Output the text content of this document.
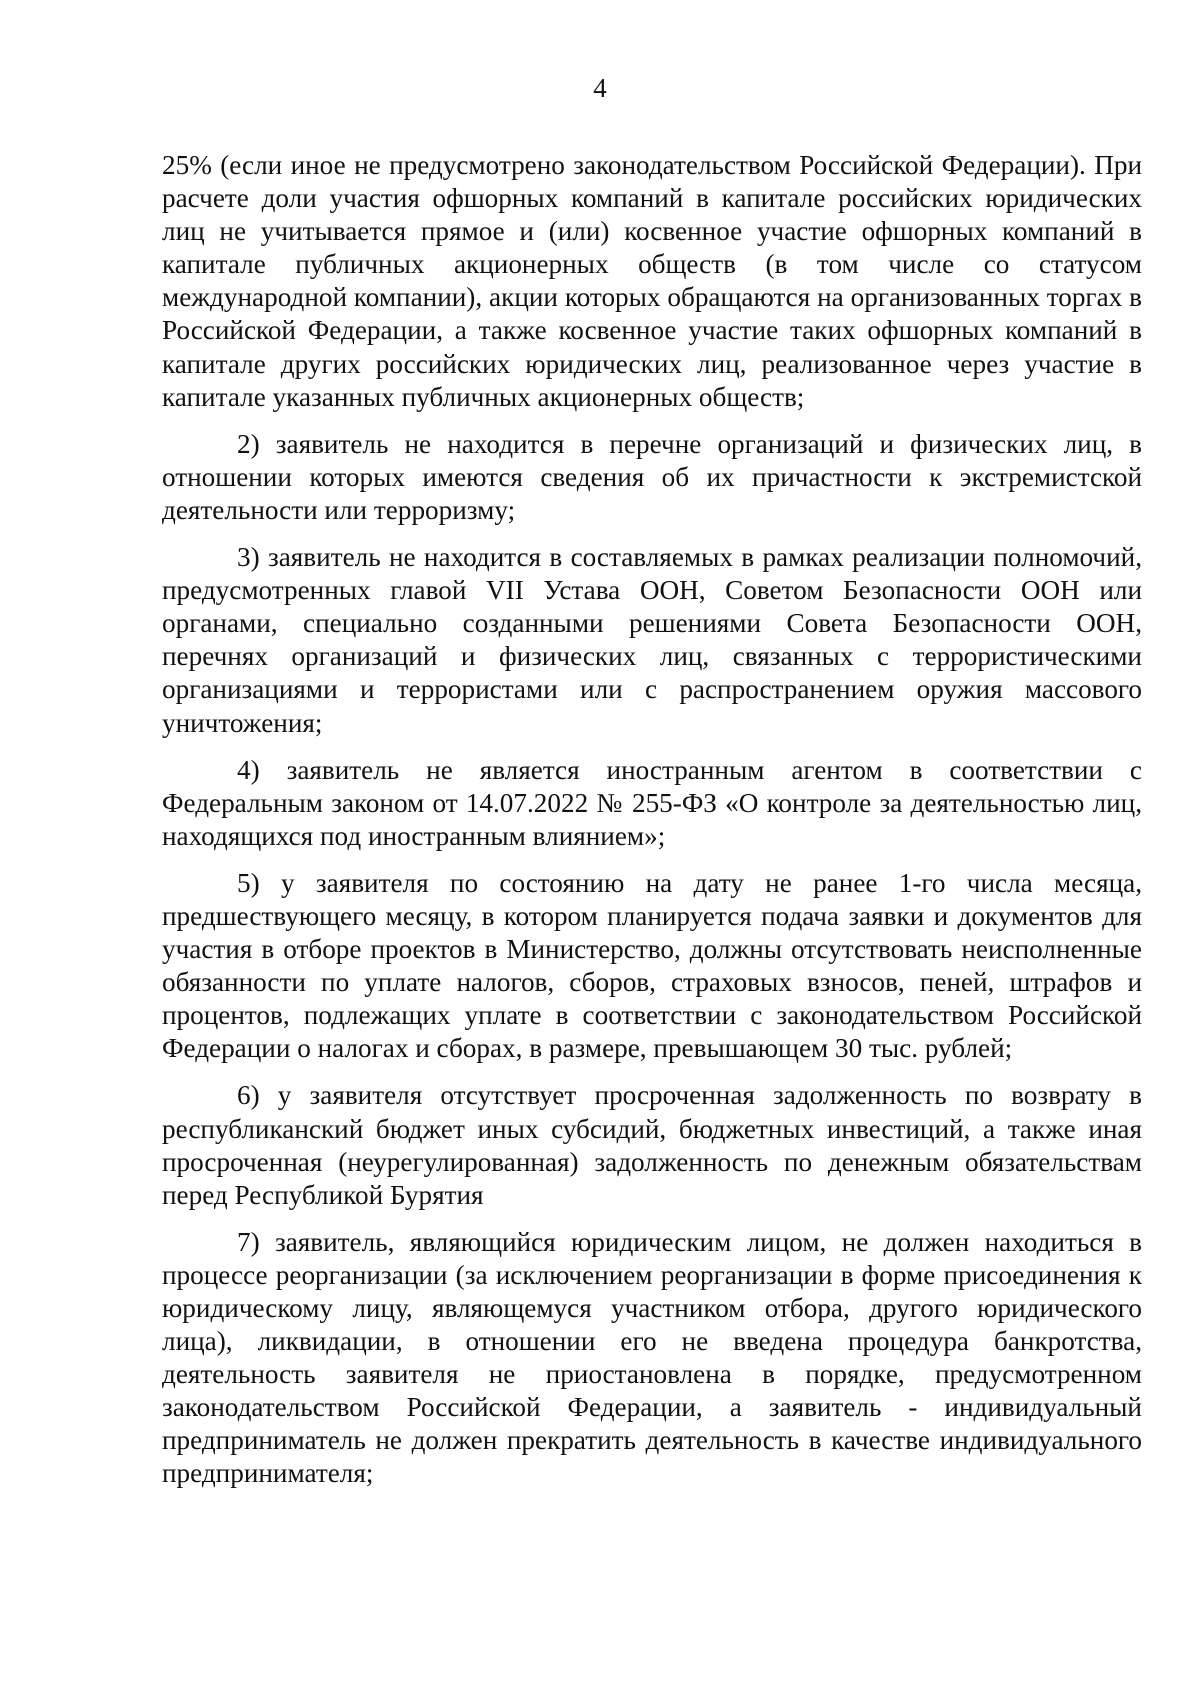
4

25% (если иное не предусмотрено законодательством Российской Федерации). При расчете доли участия офшорных компаний в капитале российских юридических лиц не учитывается прямое и (или) косвенное участие офшорных компаний в капитале публичных акционерных обществ (в том числе со статусом международной компании), акции которых обращаются на организованных торгах в Российской Федерации, а также косвенное участие таких офшорных компаний в капитале других российских юридических лиц, реализованное через участие в капитале указанных публичных акционерных обществ;

2) заявитель не находится в перечне организаций и физических лиц, в отношении которых имеются сведения об их причастности к экстремистской деятельности или терроризму;

3) заявитель не находится в составляемых в рамках реализации полномочий, предусмотренных главой VII Устава ООН, Советом Безопасности ООН или органами, специально созданными решениями Совета Безопасности ООН, перечнях организаций и физических лиц, связанных с террористическими организациями и террористами или с распространением оружия массового уничтожения;

4) заявитель не является иностранным агентом в соответствии с Федеральным законом от 14.07.2022 № 255-ФЗ «О контроле за деятельностью лиц, находящихся под иностранным влиянием»;

5) у заявителя по состоянию на дату не ранее 1-го числа месяца, предшествующего месяцу, в котором планируется подача заявки и документов для участия в отборе проектов в Министерство, должны отсутствовать неисполненные обязанности по уплате налогов, сборов, страховых взносов, пеней, штрафов и процентов, подлежащих уплате в соответствии с законодательством Российской Федерации о налогах и сборах, в размере, превышающем 30 тыс. рублей;

6) у заявителя отсутствует просроченная задолженность по возврату в республиканский бюджет иных субсидий, бюджетных инвестиций, а также иная просроченная (неурегулированная) задолженность по денежным обязательствам перед Республикой Бурятия

7) заявитель, являющийся юридическим лицом, не должен находиться в процессе реорганизации (за исключением реорганизации в форме присоединения к юридическому лицу, являющемуся участником отбора, другого юридического лица), ликвидации, в отношении его не введена процедура банкротства, деятельность заявителя не приостановлена в порядке, предусмотренном законодательством Российской Федерации, а заявитель - индивидуальный предприниматель не должен прекратить деятельность в качестве индивидуального предпринимателя;
